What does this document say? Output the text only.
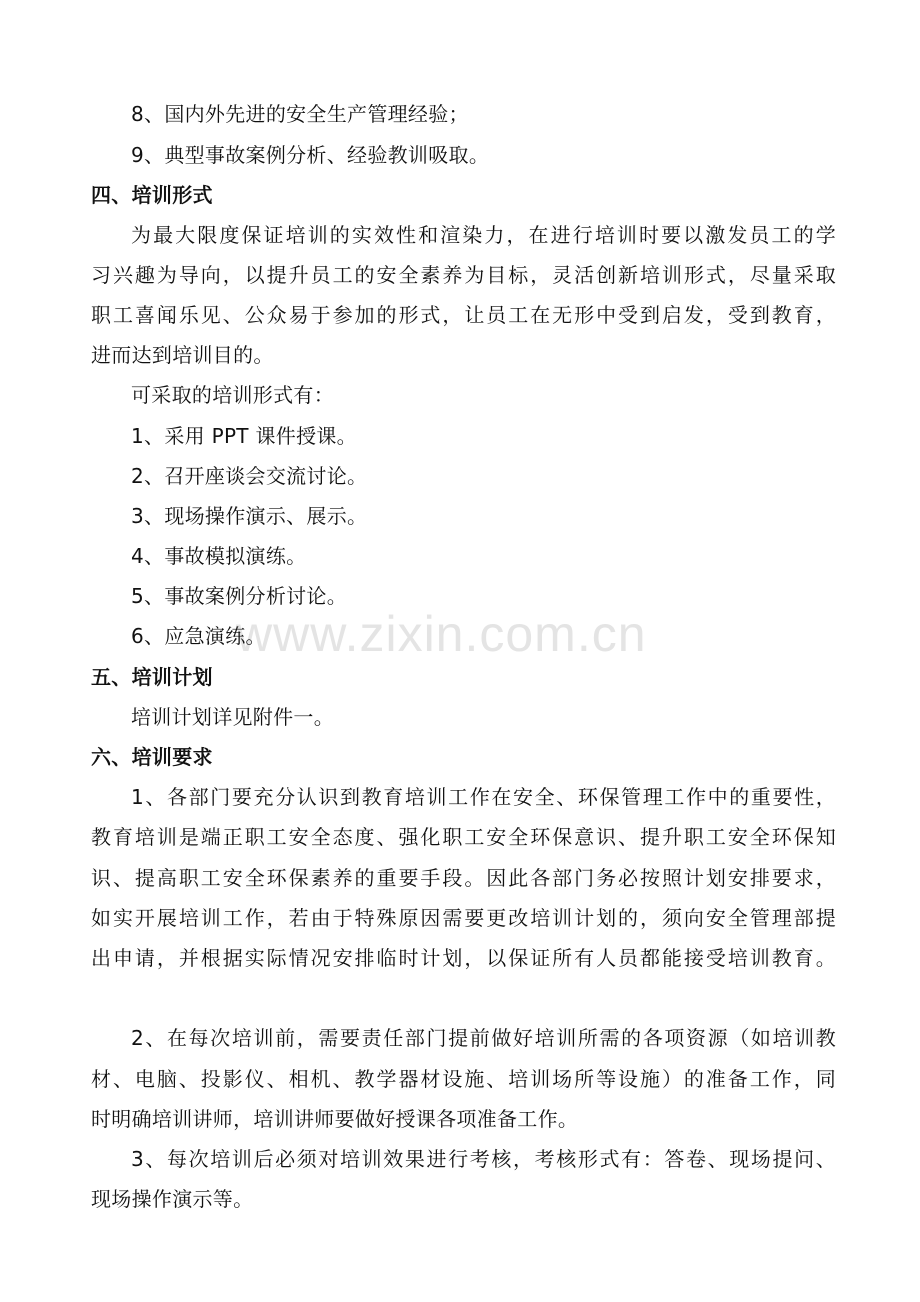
www.zixin.com.cn
8、国内外先进的安全生产管理经验；
9、典型事故案例分析、经验教训吸取。
四、培训形式
为最大限度保证培训的实效性和渲染力，在进行培训时要以激发员工的学
习兴趣为导向，以提升员工的安全素养为目标，灵活创新培训形式，尽量采取
职工喜闻乐见、公众易于参加的形式，让员工在无形中受到启发，受到教育，
进而达到培训目的。
可采取的培训形式有：
1、采用 PPT 课件授课。
2、召开座谈会交流讨论。
3、现场操作演示、展示。
4、事故模拟演练。
5、事故案例分析讨论。
6、应急演练。
五、培训计划
培训计划详见附件一。
六、培训要求
1、各部门要充分认识到教育培训工作在安全、环保管理工作中的重要性，
教育培训是端正职工安全态度、强化职工安全环保意识、提升职工安全环保知
识、提高职工安全环保素养的重要手段。因此各部门务必按照计划安排要求，
如实开展培训工作，若由于特殊原因需要更改培训计划的，须向安全管理部提
出申请，并根据实际情况安排临时计划，以保证所有人员都能接受培训教育。
2、在每次培训前，需要责任部门提前做好培训所需的各项资源（如培训教
材、电脑、投影仪、相机、教学器材设施、培训场所等设施）的准备工作，同
时明确培训讲师，培训讲师要做好授课各项准备工作。
3、每次培训后必须对培训效果进行考核，考核形式有：答卷、现场提问、
现场操作演示等。
